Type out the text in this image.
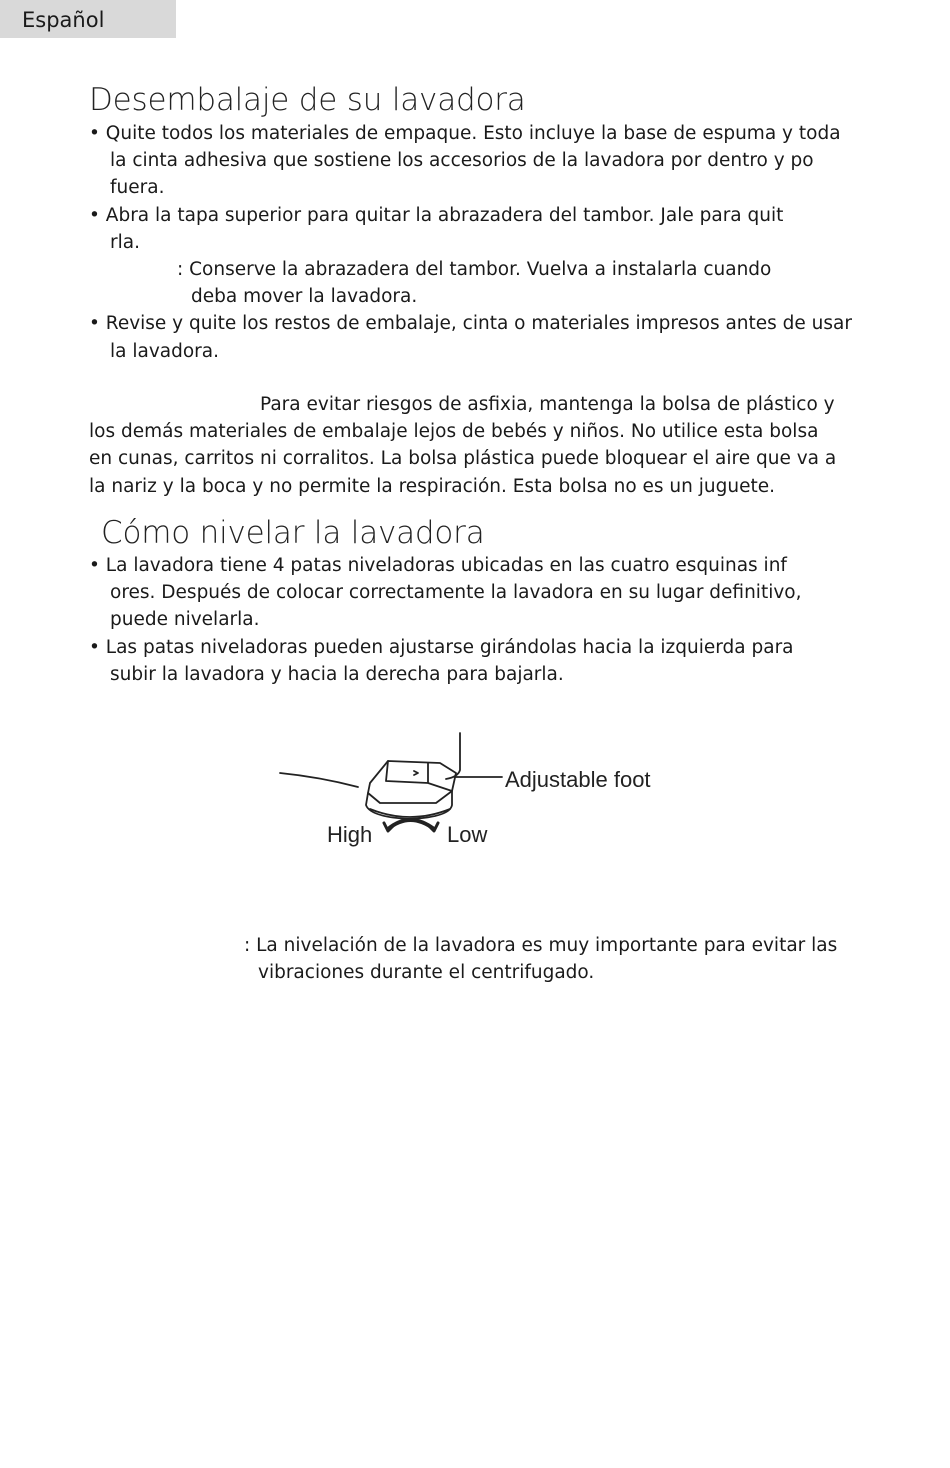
Español
Desembalaje de su lavadora
• Quite todos los materiales de empaque. Esto incluye la base de espuma y toda
la cinta adhesiva que sostiene los accesorios de la lavadora por dentro y po
fuera.
• Abra la tapa superior para quitar la abrazadera del tambor. Jale para quit
rla.
: Conserve la abrazadera del tambor. Vuelva a instalarla cuando
deba mover la lavadora.
• Revise y quite los restos de embalaje, cinta o materiales impresos antes de usar
la lavadora.
Para evitar riesgos de asfixia, mantenga la bolsa de plástico y
los demás materiales de embalaje lejos de bebés y niños. No utilice esta bolsa
en cunas, carritos ni corralitos. La bolsa plástica puede bloquear el aire que va a
la nariz y la boca y no permite la respiración. Esta bolsa no es un juguete.
Cómo nivelar la lavadora
• La lavadora tiene 4 patas niveladoras ubicadas en las cuatro esquinas inf
ores. Después de colocar correctamente la lavadora en su lugar definitivo,
puede nivelarla.
• Las patas niveladoras pueden ajustarse girándolas hacia la izquierda para
subir la lavadora y hacia la derecha para bajarla.
Adjustable foot
High	Low
: La nivelación de la lavadora es muy importante para evitar las
vibraciones durante el centrifugado.
